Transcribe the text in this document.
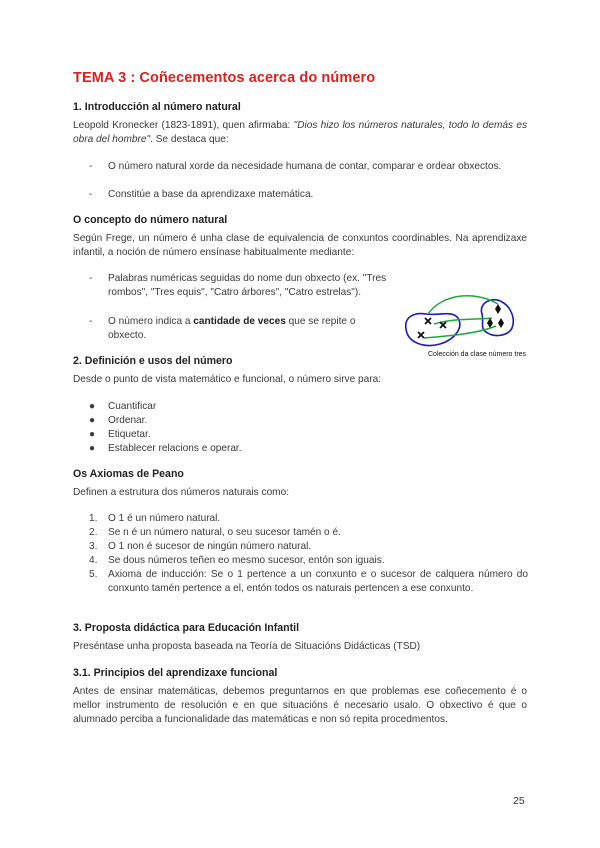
TEMA 3 : Coñecementos acerca do número
1. Introducción al número natural

Leopold Kronecker (1823-1891), quen afirmaba: "Dios hizo los números naturales, todo lo demás es obra del hombre". Se destaca que:

- O número natural xorde da necesidade humana de contar, comparar e ordear obxectos.

- Constitúe a base da aprendizaxe matemática.

O concepto do número natural

Según Frege, un número é unha clase de equivalencia de conxuntos coordinables. Na aprendizaxe infantil, a noción de número ensínase habitualmente mediante:

- Palabras numéricas seguidas do nome dun obxecto (ex. "Tres rombos", "Tres equis", "Catro árbores", "Catro estrelas").

- O número indica a cantidade de veces que se repite o obxecto.

Colección da clase número tres
2. Definición e usos del número

Desde o punto de vista matemático e funcional, o número sirve para:

● Cuantificar

● Ordenar.

● Etiquetar.

● Establecer relacions e operar.

Os Axiomas de Peano

Definen a estrutura dos números naturais como:

1. O 1 é un número natural.

2. Se n é un número natural, o seu sucesor tamén o é.

3. O 1 non é sucesor de ningún número natural.

4. Se dous números teñen eo mesmo sucesor, entón son iguais.

5. Axioma de inducción: Se o 1 pertence a un conxunto e o sucesor de calquera número do conxunto tamén pertence a el, entón todos os naturais pertencen a ese conxunto.

3. Proposta didáctica para Educación Infantil

Preséntase unha proposta baseada na Teoría de Situacións Didácticas (TSD)

3.1. Principios del aprendizaxe funcional

Antes de ensinar matemáticas, debemos preguntarnos en que problemas ese coñecemento é o mellor instrumento de resolución e en que situacións é necesario usalo. O obxectivo é que o alumnado perciba a funcionalidade das matemáticas e non só repita procedmentos.

25
